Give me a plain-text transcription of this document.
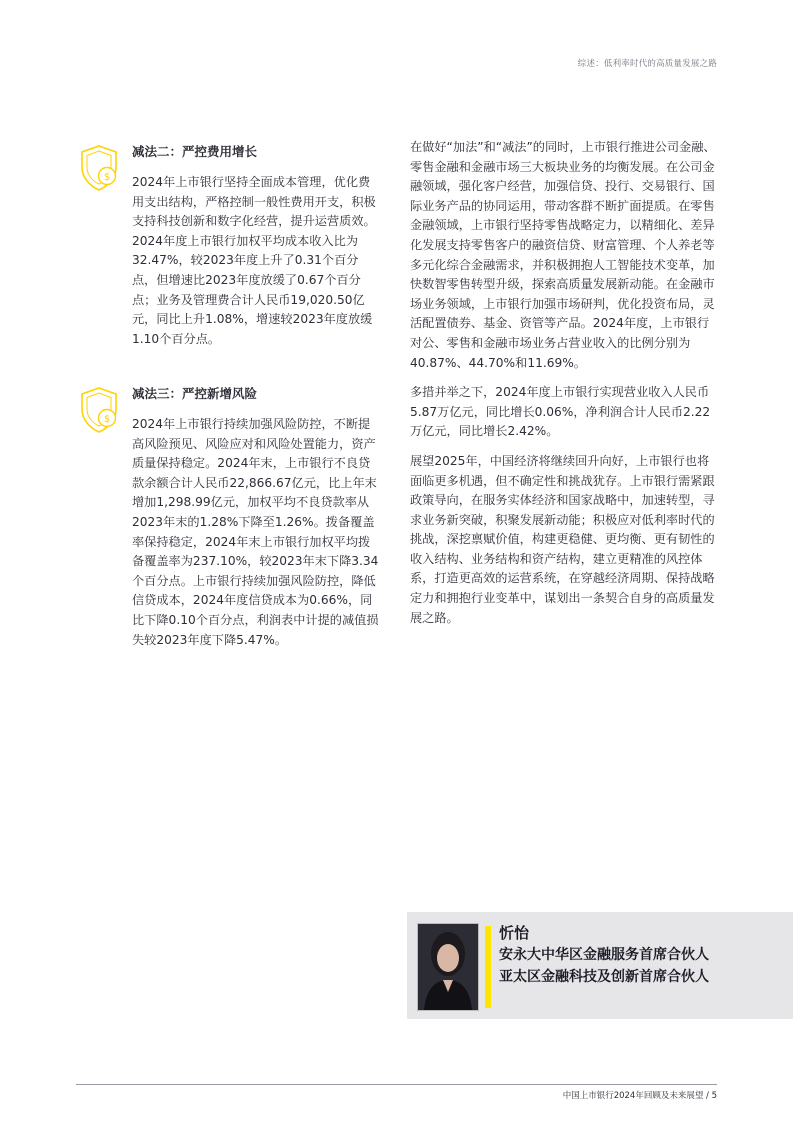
综述：低利率时代的高质量发展之路
$
减法二：严控费用增长

2024年上市银行坚持全面成本管理，优化费用支出结构，严格控制一般性费用开支，积极支持科技创新和数字化经营，提升运营质效。2024年度上市银行加权平均成本收入比为32.47%，较2023年度上升了0.31个百分点，但增速比2023年度放缓了0.67个百分点；业务及管理费合计人民币19,020.50亿元，同比上升1.08%，增速较2023年度放缓1.10个百分点。

$
减法三：严控新增风险

2024年上市银行持续加强风险防控，不断提高风险预见、风险应对和风险处置能力，资产质量保持稳定。2024年末，上市银行不良贷款余额合计人民币22,866.67亿元，比上年末增加1,298.99亿元，加权平均不良贷款率从2023年末的1.28%下降至1.26%。拨备覆盖率保持稳定，2024年末上市银行加权平均拨备覆盖率为237.10%，较2023年末下降3.34个百分点。上市银行持续加强风险防控，降低信贷成本，2024年度信贷成本为0.66%，同比下降0.10个百分点，利润表中计提的减值损失较2023年度下降5.47%。

在做好“加法”和“减法”的同时，上市银行推进公司金融、零售金融和金融市场三大板块业务的均衡发展。在公司金融领域，强化客户经营，加强信贷、投行、交易银行、国际业务产品的协同运用，带动客群不断扩面提质。在零售金融领域，上市银行坚持零售战略定力，以精细化、差异化发展支持零售客户的融资信贷、财富管理、个人养老等多元化综合金融需求，并积极拥抱人工智能技术变革，加快数智零售转型升级，探索高质量发展新动能。在金融市场业务领域，上市银行加强市场研判，优化投资布局，灵活配置债券、基金、资管等产品。2024年度，上市银行对公、零售和金融市场业务占营业收入的比例分别为40.87%、44.70%和11.69%。

多措并举之下，2024年度上市银行实现营业收入人民币5.87万亿元，同比增长0.06%，净利润合计人民币2.22万亿元，同比增长2.42%。

展望2025年，中国经济将继续回升向好，上市银行也将面临更多机遇，但不确定性和挑战犹存。上市银行需紧跟政策导向，在服务实体经济和国家战略中，加速转型，寻求业务新突破，积聚发展新动能；积极应对低利率时代的挑战，深挖禀赋价值，构建更稳健、更均衡、更有韧性的收入结构、业务结构和资产结构，建立更精准的风控体系，打造更高效的运营系统，在穿越经济周期、保持战略定力和拥抱行业变革中，谋划出一条契合自身的高质量发展之路。

忻怡
安永大中华区金融服务首席合伙人
亚太区金融科技及创新首席合伙人
中国上市银行2024年回顾及未来展望 / 5
